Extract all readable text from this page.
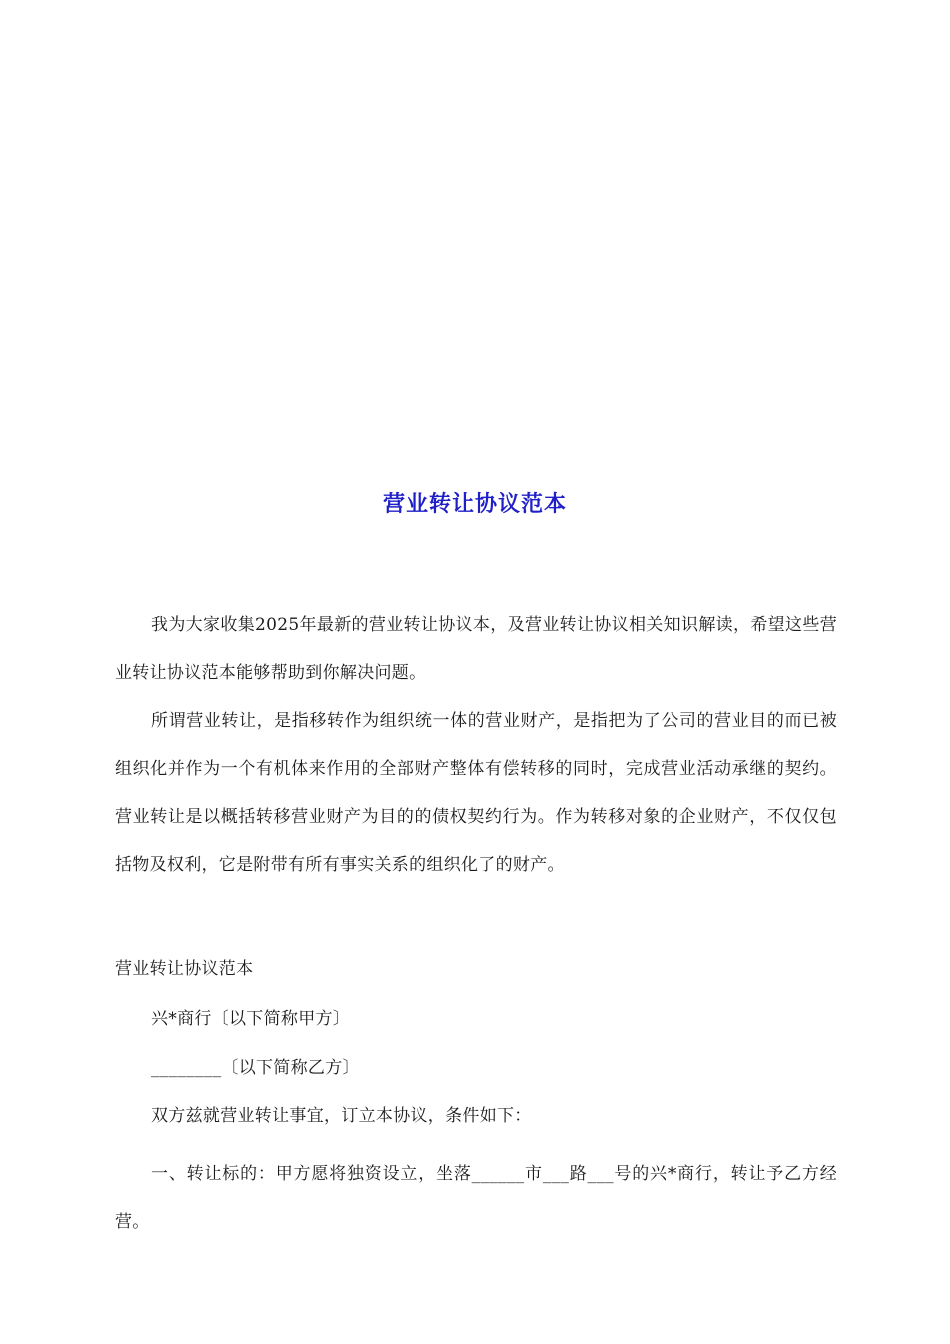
营业转让协议范本

我为大家收集2025年最新的营业转让协议本，及营业转让协议相关知识解读，希望这些营业转让协议范本能够帮助到你解决问题。

所谓营业转让，是指移转作为组织统一体的营业财产，是指把为了公司的营业目的而已被组织化并作为一个有机体来作用的全部财产整体有偿转移的同时，完成营业活动承继的契约。营业转让是以概括转移营业财产为目的的债权契约行为。作为转移对象的企业财产，不仅仅包括物及权利，它是附带有所有事实关系的组织化了的财产。

营业转让协议范本
兴*商行〔以下简称甲方〕
________〔以下简称乙方〕
双方兹就营业转让事宜，订立本协议，条件如下：

一、转让标的：甲方愿将独资设立，坐落______市___路___号的兴*商行，转让予乙方经营。
